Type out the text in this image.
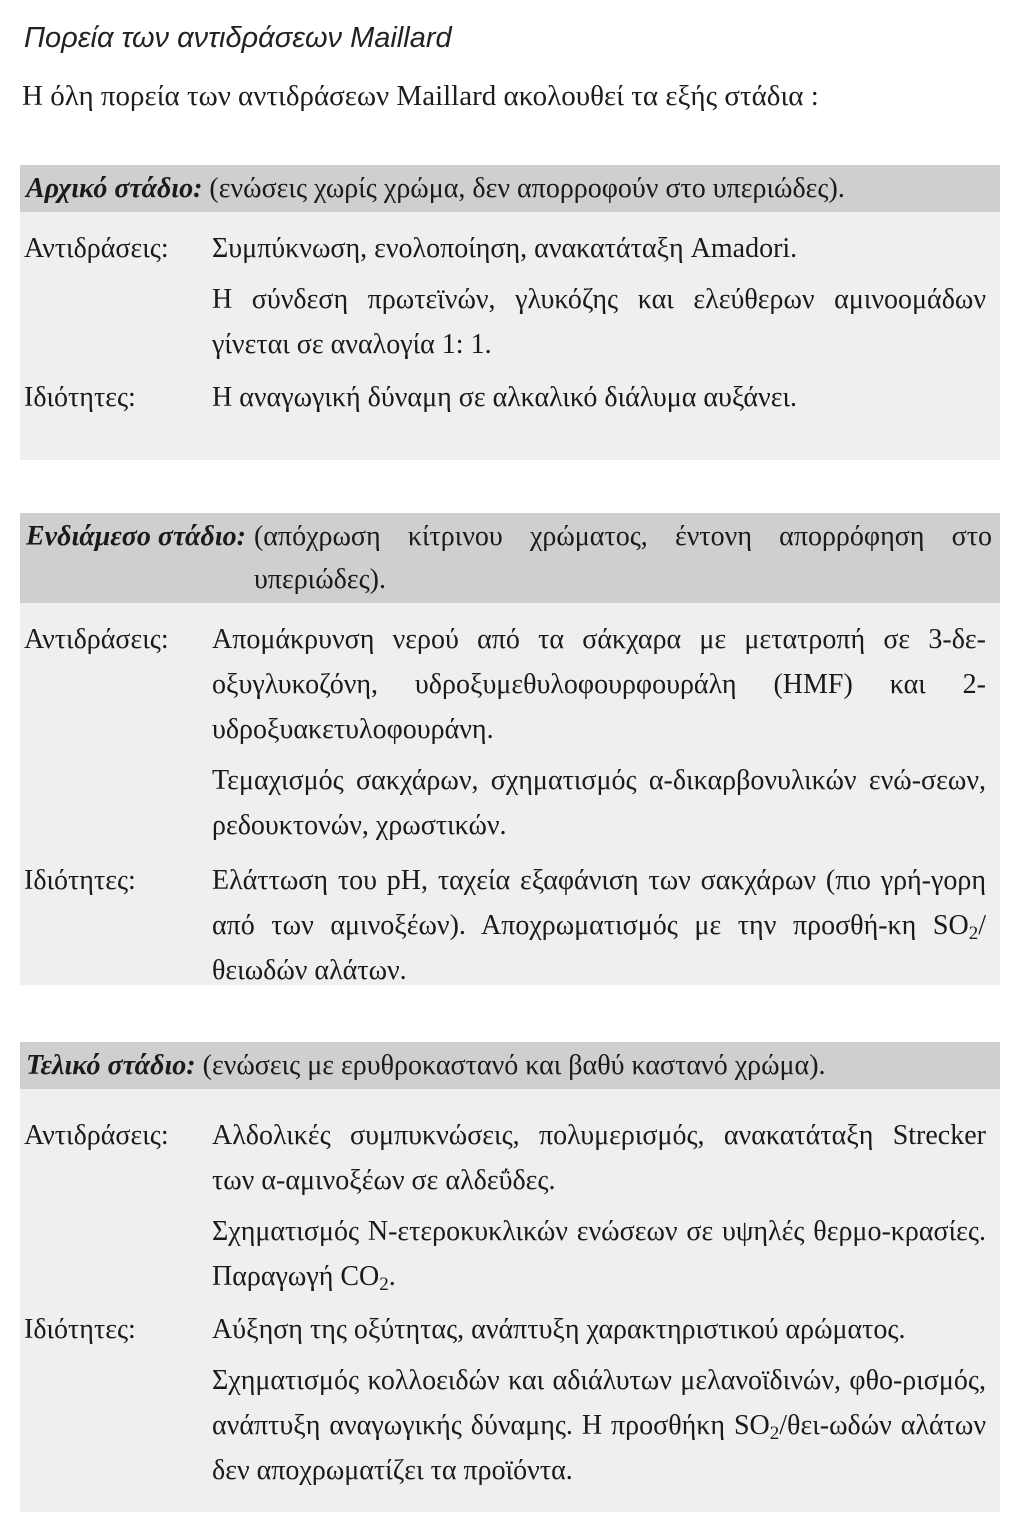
Πορεία των αντιδράσεων Maillard
Η όλη πορεία των αντιδράσεων Maillard ακολουθεί τα εξής στάδια :
Αρχικό στάδιο: (ενώσεις χωρίς χρώμα, δεν απορροφούν στο υπεριώδες).
Αντιδράσεις:	Συμπύκνωση, ενολοποίηση, ανακατάταξη Amadori.

Η σύνδεση πρωτεϊνών, γλυκόζης και ελεύθερων αμινοομάδων γίνεται σε αναλογία 1: 1.

Ιδιότητες:	Η αναγωγική δύναμη σε αλκαλικό διάλυμα αυξάνει.

Ενδιάμεσο στάδιο: (απόχρωση κίτρινου χρώματος, έντονη απορρόφηση στο υπεριώδες).
Αντιδράσεις:	Απομάκρυνση νερού από τα σάκχαρα με μετατροπή σε 3-δε-οξυγλυκοζόνη, υδροξυμεθυλοφουρφουράλη (HMF) και 2-υδροξυακετυλοφουράνη.

Τεμαχισμός σακχάρων, σχηματισμός α-δικαρβονυλικών ενώ-σεων, ρεδουκτονών, χρωστικών.

Ιδιότητες:	Ελάττωση του pH, ταχεία εξαφάνιση των σακχάρων (πιο γρή-γορη από των αμινοξέων). Αποχρωματισμός με την προσθή-κη $SO_2/$ θειωδών αλάτων.

Τελικό στάδιο: (ενώσεις με ερυθροκαστανό και βαθύ καστανό χρώμα).
Αντιδράσεις:	Αλδολικές συμπυκνώσεις, πολυμερισμός, ανακατάταξη Strecker των α-αμινοξέων σε αλδεΰδες.

Σχηματισμός Ν-ετεροκυκλικών ενώσεων σε υψηλές θερμο-κρασίες. Παραγωγή $CO_2$.

Ιδιότητες:	Αύξηση της οξύτητας, ανάπτυξη χαρακτηριστικού αρώματος.

Σχηματισμός κολλοειδών και αδιάλυτων μελανοϊδινών, φθο-ρισμός, ανάπτυξη αναγωγικής δύναμης. Η προσθήκη $SO_2/\theta\varepsilon\iota$-ωδών αλάτων δεν αποχρωματίζει τα προϊόντα.
